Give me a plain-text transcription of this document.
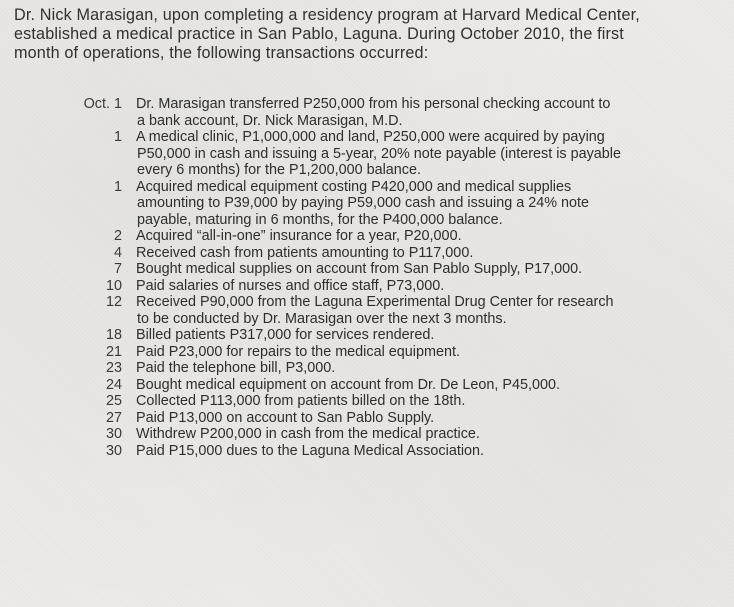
Dr. Nick Marasigan, upon completing a residency program at Harvard Medical Center,
established a medical practice in San Pablo, Laguna. During October 2010, the first
month of operations, the following transactions occurred:
Oct. 1 Dr. Marasigan transferred P250,000 from his personal checking account to
a bank account, Dr. Nick Marasigan, M.D.
1 A medical clinic, P1,000,000 and land, P250,000 were acquired by paying
P50,000 in cash and issuing a 5-year, 20% note payable (interest is payable
every 6 months) for the P1,200,000 balance.
1 Acquired medical equipment costing P420,000 and medical supplies
amounting to P39,000 by paying P59,000 cash and issuing a 24% note
payable, maturing in 6 months, for the P400,000 balance.
2 Acquired “all-in-one” insurance for a year, P20,000.
4 Received cash from patients amounting to P117,000.
7 Bought medical supplies on account from San Pablo Supply, P17,000.
10 Paid salaries of nurses and office staff, P73,000.
12 Received P90,000 from the Laguna Experimental Drug Center for research
to be conducted by Dr. Marasigan over the next 3 months.
18 Billed patients P317,000 for services rendered.
21 Paid P23,000 for repairs to the medical equipment.
23 Paid the telephone bill, P3,000.
24 Bought medical equipment on account from Dr. De Leon, P45,000.
25 Collected P113,000 from patients billed on the 18th.
27 Paid P13,000 on account to San Pablo Supply.
30 Withdrew P200,000 in cash from the medical practice.
30 Paid P15,000 dues to the Laguna Medical Association.
